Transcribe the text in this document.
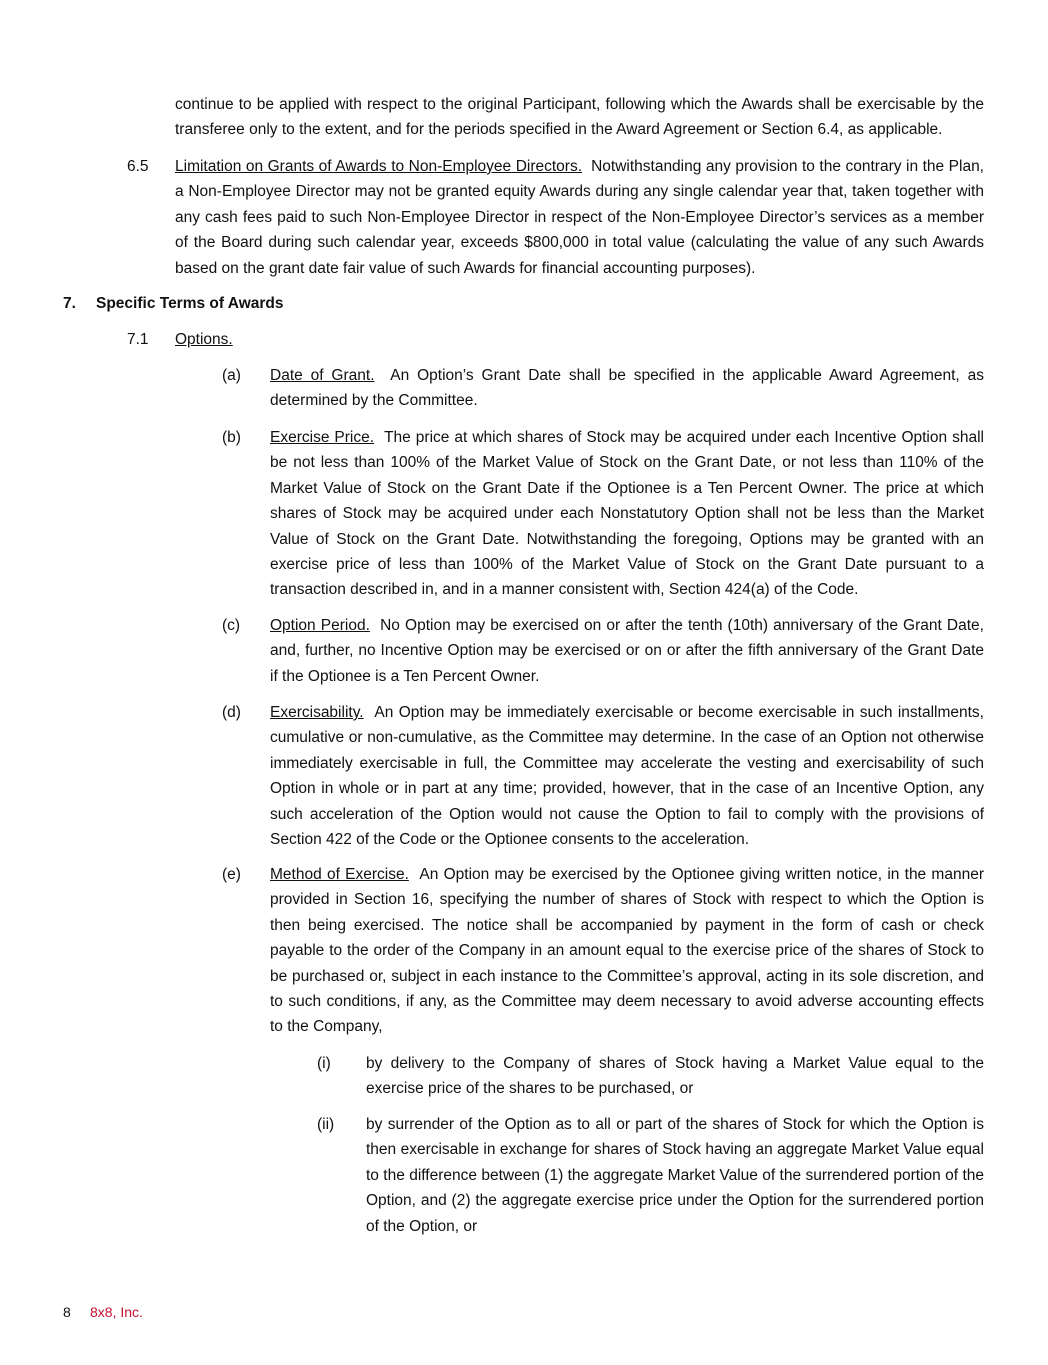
continue to be applied with respect to the original Participant, following which the Awards shall be exercisable by the transferee only to the extent, and for the periods specified in the Award Agreement or Section 6.4, as applicable.

6.5 Limitation on Grants of Awards to Non-Employee Directors. Notwithstanding any provision to the contrary in the Plan, a Non-Employee Director may not be granted equity Awards during any single calendar year that, taken together with any cash fees paid to such Non-Employee Director in respect of the Non-Employee Director’s services as a member of the Board during such calendar year, exceeds $800,000 in total value (calculating the value of any such Awards based on the grant date fair value of such Awards for financial accounting purposes).

7. Specific Terms of Awards
7.1 Options.
(a) Date of Grant. An Option’s Grant Date shall be specified in the applicable Award Agreement, as determined by the Committee.

(b) Exercise Price. The price at which shares of Stock may be acquired under each Incentive Option shall be not less than 100% of the Market Value of Stock on the Grant Date, or not less than 110% of the Market Value of Stock on the Grant Date if the Optionee is a Ten Percent Owner. The price at which shares of Stock may be acquired under each Nonstatutory Option shall not be less than the Market Value of Stock on the Grant Date. Notwithstanding the foregoing, Options may be granted with an exercise price of less than 100% of the Market Value of Stock on the Grant Date pursuant to a transaction described in, and in a manner consistent with, Section 424(a) of the Code.

(c) Option Period. No Option may be exercised on or after the tenth (10th) anniversary of the Grant Date, and, further, no Incentive Option may be exercised or on or after the fifth anniversary of the Grant Date if the Optionee is a Ten Percent Owner.

(d) Exercisability. An Option may be immediately exercisable or become exercisable in such installments, cumulative or non-cumulative, as the Committee may determine. In the case of an Option not otherwise immediately exercisable in full, the Committee may accelerate the vesting and exercisability of such Option in whole or in part at any time; provided, however, that in the case of an Incentive Option, any such acceleration of the Option would not cause the Option to fail to comply with the provisions of Section 422 of the Code or the Optionee consents to the acceleration.

(e) Method of Exercise. An Option may be exercised by the Optionee giving written notice, in the manner provided in Section 16, specifying the number of shares of Stock with respect to which the Option is then being exercised. The notice shall be accompanied by payment in the form of cash or check payable to the order of the Company in an amount equal to the exercise price of the shares of Stock to be purchased or, subject in each instance to the Committee’s approval, acting in its sole discretion, and to such conditions, if any, as the Committee may deem necessary to avoid adverse accounting effects to the Company,

(i) by delivery to the Company of shares of Stock having a Market Value equal to the exercise price of the shares to be purchased, or

(ii) by surrender of the Option as to all or part of the shares of Stock for which the Option is then exercisable in exchange for shares of Stock having an aggregate Market Value equal to the difference between (1) the aggregate Market Value of the surrendered portion of the Option, and (2) the aggregate exercise price under the Option for the surrendered portion of the Option, or

8 8x8, Inc.
